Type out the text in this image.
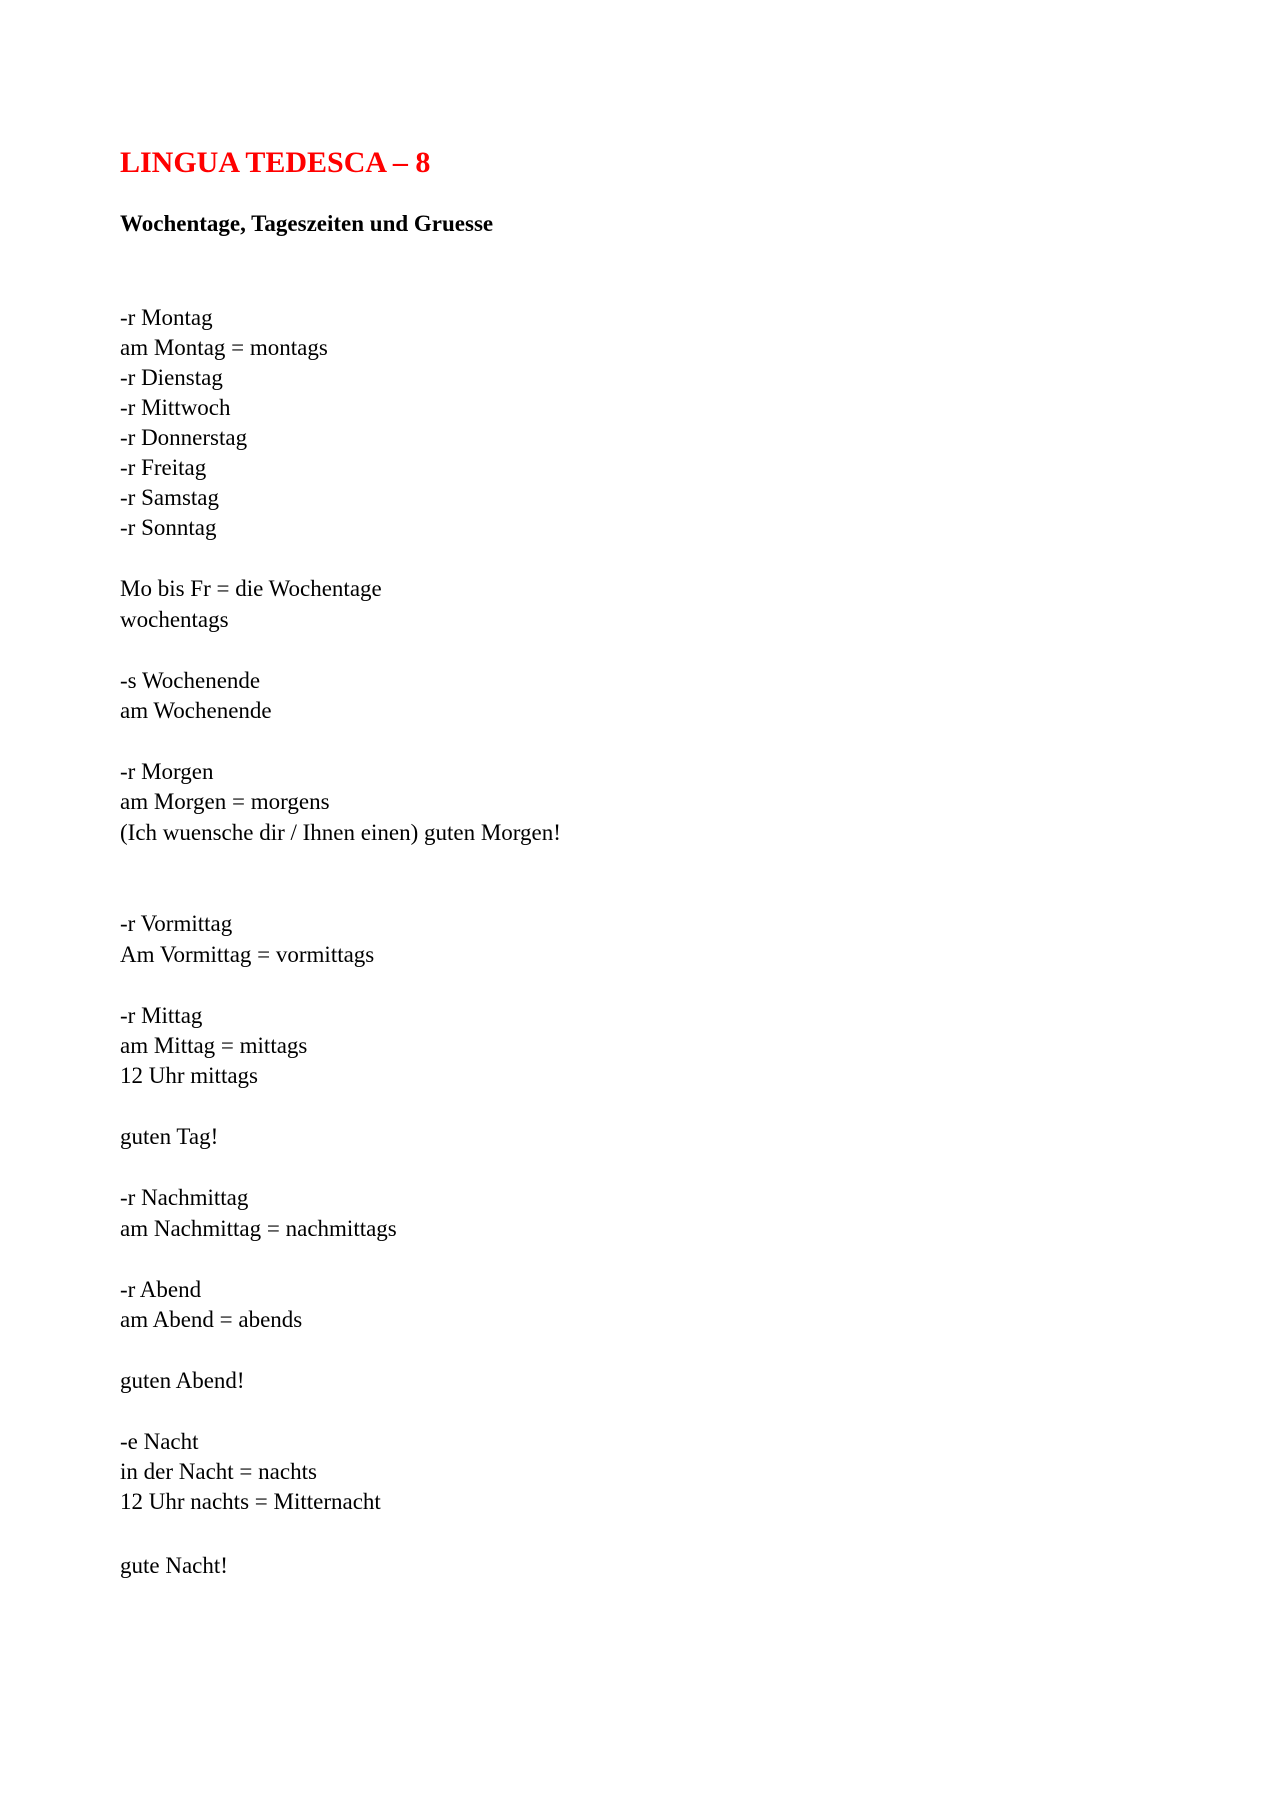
LINGUA TEDESCA – 8
Wochentage, Tageszeiten und Gruesse
-r Montag
am Montag = montags
-r Dienstag
-r Mittwoch
-r Donnerstag
-r Freitag
-r Samstag
-r Sonntag
Mo bis Fr = die Wochentage
wochentags
-s Wochenende
am Wochenende
-r Morgen
am Morgen = morgens
(Ich wuensche dir / Ihnen einen) guten Morgen!
-r Vormittag
Am Vormittag = vormittags
-r Mittag
am Mittag = mittags
12 Uhr mittags
guten Tag!
-r Nachmittag
am Nachmittag = nachmittags
-r Abend
am Abend = abends
guten Abend!
-e Nacht
in der Nacht = nachts
12 Uhr nachts = Mitternacht
gute Nacht!
